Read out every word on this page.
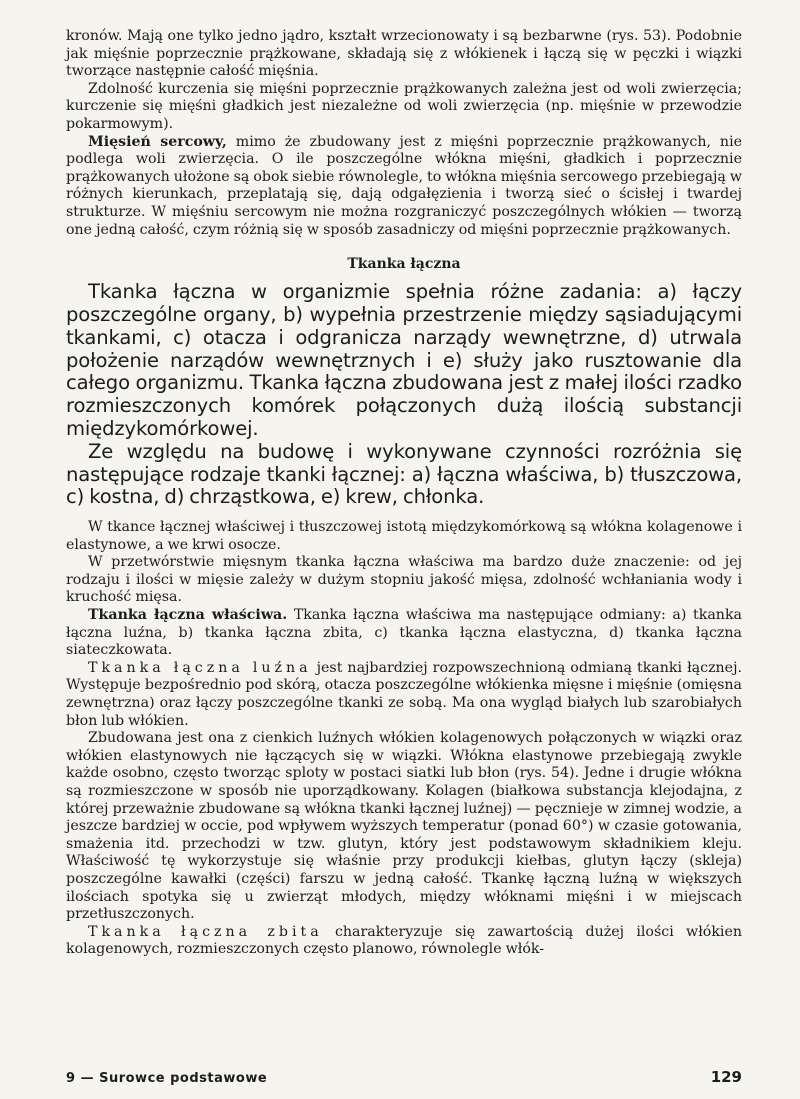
kronów. Mają one tylko jedno jądro, kształt wrzecionowaty i są bezbarwne (rys. 53). Podobnie jak mięśnie poprzecznie prążkowane, składają się z włókienek i łączą się w pęczki i wiązki tworzące następnie całość mięśnia.

Zdolność kurczenia się mięśni poprzecznie prążkowanych zależna jest od woli zwierzęcia; kurczenie się mięśni gładkich jest niezależne od woli zwierzęcia (np. mięśnie w przewodzie pokarmowym).

Mięsień sercowy, mimo że zbudowany jest z mięśni poprzecznie prążkowanych, nie podlega woli zwierzęcia. O ile poszczególne włókna mięśni, gładkich i poprzecznie prążkowanych ułożone są obok siebie równolegle, to włókna mięśnia sercowego przebiegają w różnych kierunkach, przeplatają się, dają odgałęzienia i tworzą sieć o ścisłej i twardej strukturze. W mięśniu sercowym nie można rozgraniczyć poszczególnych włókien — tworzą one jedną całość, czym różnią się w sposób zasadniczy od mięśni poprzecznie prążkowanych.

Tkanka łączna

Tkanka łączna w organizmie spełnia różne zadania: a) łączy poszczególne organy, b) wypełnia przestrzenie między sąsiadującymi tkankami, c) otacza i odgranicza narządy wewnętrzne, d) utrwala położenie narządów wewnętrznych i e) służy jako rusztowanie dla całego organizmu. Tkanka łączna zbudowana jest z małej ilości rzadko rozmieszczonych komórek połączonych dużą ilością substancji międzykomórkowej.

Ze względu na budowę i wykonywane czynności rozróżnia się następujące rodzaje tkanki łącznej: a) łączna właściwa, b) tłuszczowa, c) kostna, d) chrząstkowa, e) krew, chłonka.

W tkance łącznej właściwej i tłuszczowej istotą międzykomórkową są włókna kolagenowe i elastynowe, a we krwi osocze.

W przetwórstwie mięsnym tkanka łączna właściwa ma bardzo duże znaczenie: od jej rodzaju i ilości w mięsie zależy w dużym stopniu jakość mięsa, zdolność wchłaniania wody i kruchość mięsa.

Tkanka łączna właściwa. Tkanka łączna właściwa ma następujące odmiany: a) tkanka łączna luźna, b) tkanka łączna zbita, c) tkanka łączna elastyczna, d) tkanka łączna siateczkowata.

Tkanka łączna luźna jest najbardziej rozpowszechnioną odmianą tkanki łącznej. Występuje bezpośrednio pod skórą, otacza poszczególne włókienka mięsne i mięśnie (omięsna zewnętrzna) oraz łączy poszczególne tkanki ze sobą. Ma ona wygląd białych lub szarobiałych błon lub włókien.

Zbudowana jest ona z cienkich luźnych włókien kolagenowych połączonych w wiązki oraz włókien elastynowych nie łączących się w wiązki. Włókna elastynowe przebiegają zwykle każde osobno, często tworząc sploty w postaci siatki lub błon (rys. 54). Jedne i drugie włókna są rozmieszczone w sposób nie uporządkowany. Kolagen (białkowa substancja klejodajna, z której przeważnie zbudowane są włókna tkanki łącznej luźnej) — pęcznieje w zimnej wodzie, a jeszcze bardziej w occie, pod wpływem wyższych temperatur (ponad 60°) w czasie gotowania, smażenia itd. przechodzi w tzw. glutyn, który jest podstawowym składnikiem kleju. Właściwość tę wykorzystuje się właśnie przy produkcji kiełbas, glutyn łączy (skleja) poszczególne kawałki (części) farszu w jedną całość. Tkankę łączną luźną w większych ilościach spotyka się u zwierząt młodych, między włóknami mięśni i w miejscach przetłuszczonych.

Tkanka łączna zbita charakteryzuje się zawartością dużej ilości włókien kolagenowych, rozmieszczonych często planowo, równolegle włók-

9 — Surowce podstawowe	129
